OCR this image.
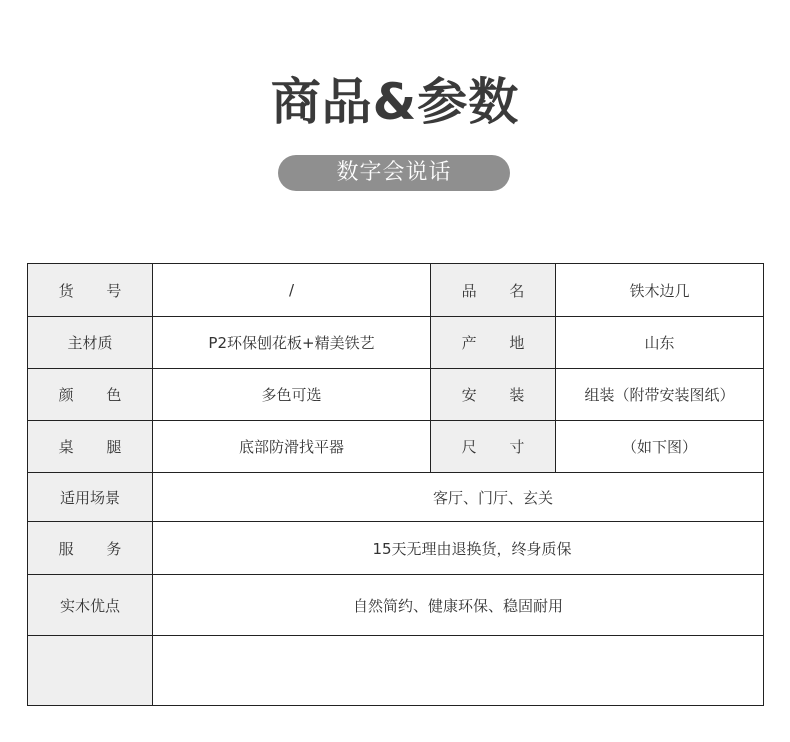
商品&参数
数字会说话
货 号	/	品 名	铁木边几
主材质	P2环保刨花板+精美铁艺	产 地	山东
颜 色	多色可选	安 装	组装（附带安装图纸）
桌 腿	底部防滑找平器	尺 寸	（如下图）
适用场景	客厅、门厅、玄关		
服 务	15天无理由退换货，终身质保		
实木优点	自然简约、健康环保、稳固耐用		
